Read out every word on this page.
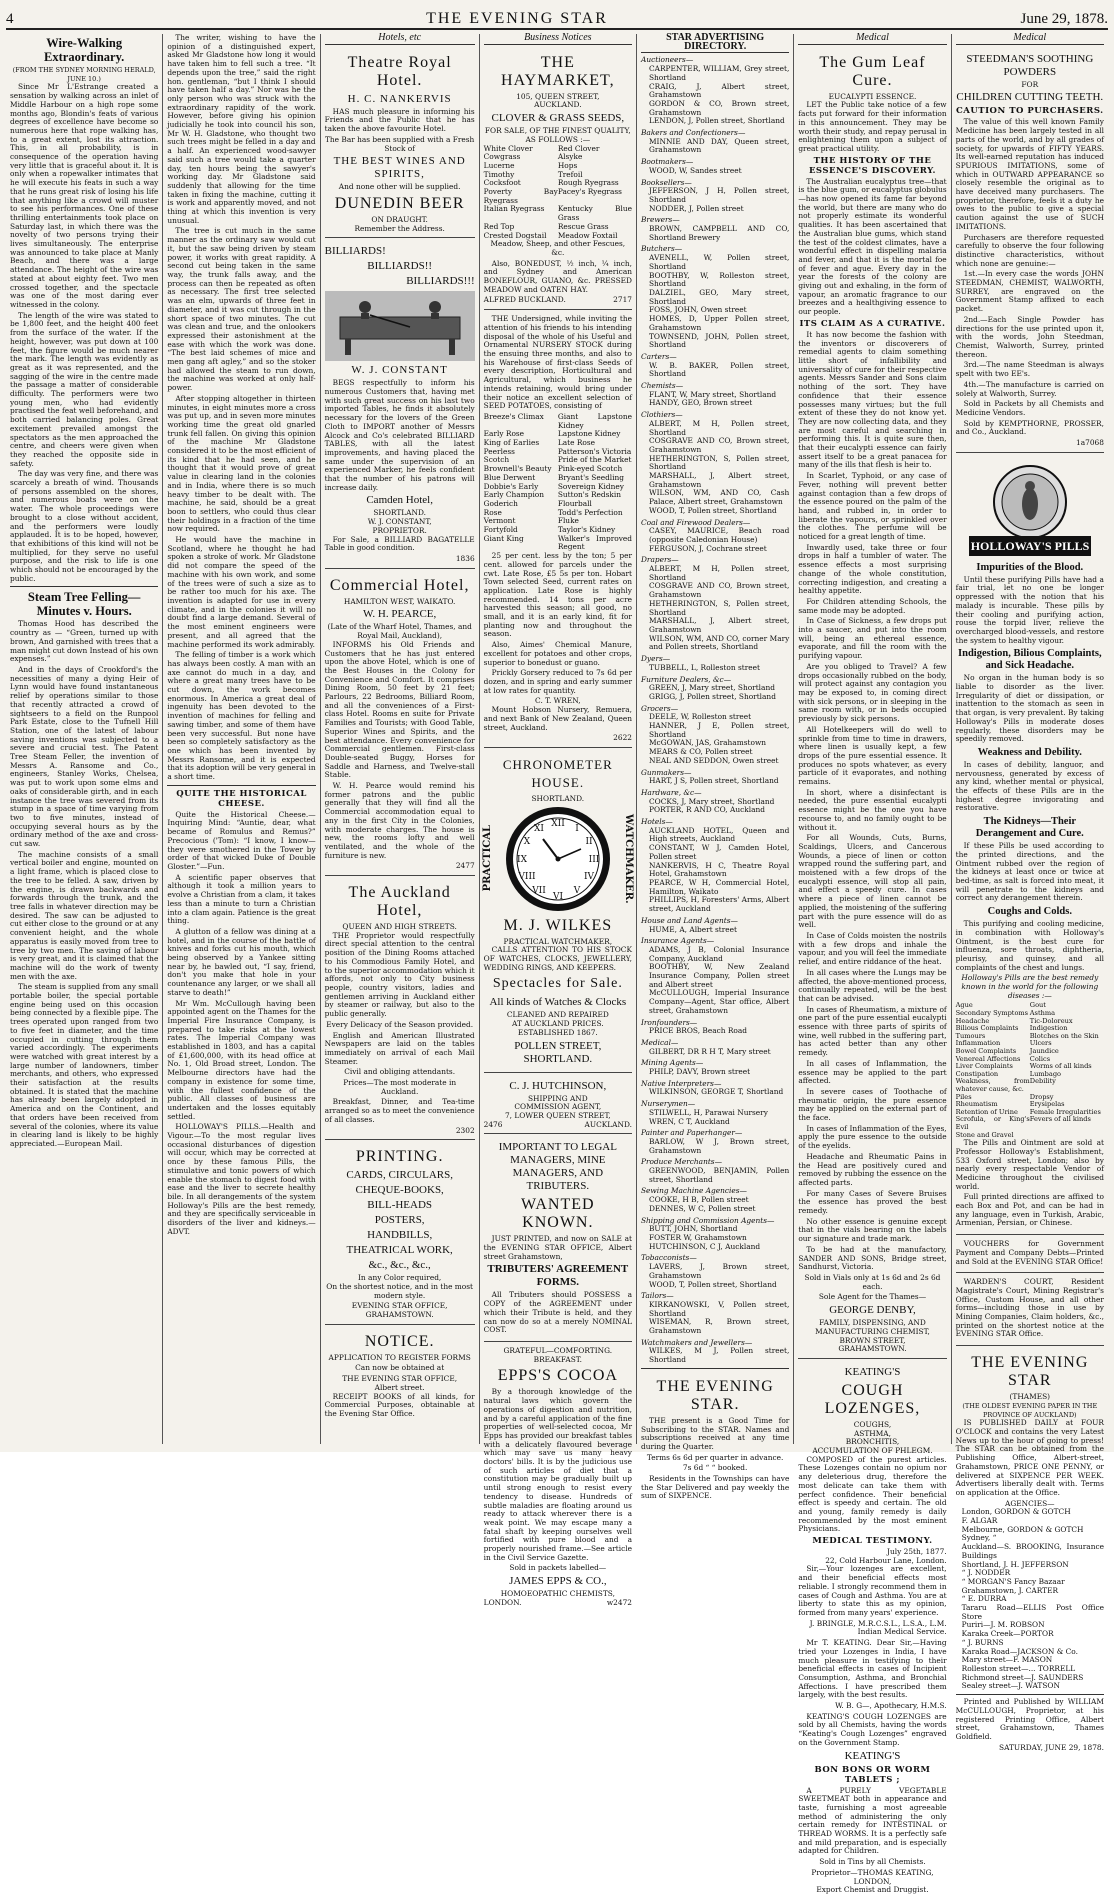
4	THE EVENING STAR	June 29, 1878.
Wire-Walking Extraordinary.
(FROM THE SYDNEY MORNING HERALD, JUNE 10.)

Since Mr L'Estrange created a sensation by walking across an inlet of Middle Harbour on a high rope some months ago, Blondin's feats of various degrees of excellence have become so numerous here that rope walking has, to a great extent, lost its attraction. This, in all probability, is in consequence of the operation having very little that is graceful about it. It is only when a ropewalker intimates that he will execute his feats in such a way that he runs great risk of losing his life that anything like a crowd will muster to see his performances. One of these thrilling entertainments took place on Saturday last, in which there was the novelty of two persons trying their lives simultaneously. The enterprise was announced to take place at Manly Beach, and there was a large attendance. The height of the wire was stated at about eighty feet. Two men crossed together, and the spectacle was one of the most daring ever witnessed in the colony.

The length of the wire was stated to be 1,800 feet, and the height 400 feet from the surface of the water. If the height, however, was put down at 100 feet, the figure would be much nearer the mark. The length was evidently as great as it was represented, and the sagging of the wire in the centre made the passage a matter of considerable difficulty. The performers were two young men, who had evidently practised the feat well beforehand, and both carried balancing poles. Great excitement prevailed amongst the spectators as the men approached the centre, and cheers were given when they reached the opposite side in safety.

The day was very fine, and there was scarcely a breath of wind. Thousands of persons assembled on the shores, and numerous boats were on the water. The whole proceedings were brought to a close without accident, and the performers were loudly applauded. It is to be hoped, however, that exhibitions of this kind will not be multiplied, for they serve no useful purpose, and the risk to life is one which should not be encouraged by the public.

Steam Tree Felling—Minutes v. Hours.

Thomas Hood has described the country as — “Green, turned up with brown, And garnished with trees that a man might cut down Instead of his own expenses.”

And in the days of Crookford's the necessities of many a dying Heir of Lynn would have found instantaneous relief by operations similar to those that recently attracted a crowd of sightseers to a field on the Runpool Park Estate, close to the Tufnell Hill Station, one of the latest of labour saving inventions was subjected to a severe and crucial test. The Patent Tree Steam Feller, the invention of Messrs A. Ransome and Co., engineers, Stanley Works, Chelsea, was put to work upon some elms and oaks of considerable girth, and in each instance the tree was severed from its stump in a space of time varying from two to five minutes, instead of occupying several hours as by the ordinary method of the axe and cross-cut saw.

The machine consists of a small vertical boiler and engine, mounted on a light frame, which is placed close to the tree to be felled. A saw, driven by the engine, is drawn backwards and forwards through the trunk, and the tree falls in whatever direction may be desired. The saw can be adjusted to cut either close to the ground or at any convenient height, and the whole apparatus is easily moved from tree to tree by two men. The saving of labour is very great, and it is claimed that the machine will do the work of twenty men with the axe.

The steam is supplied from any small portable boiler, the special portable engine being used on this occasion being connected by a flexible pipe. The trees operated upon ranged from two to five feet in diameter, and the time occupied in cutting through them varied accordingly. The experiments were watched with great interest by a large number of landowners, timber merchants, and others, who expressed their satisfaction at the results obtained. It is stated that the machine has already been largely adopted in America and on the Continent, and that orders have been received from several of the colonies, where its value in clearing land is likely to be highly appreciated.—European Mail.

The writer, wishing to have the opinion of a distinguished expert, asked Mr Gladstone how long it would have taken him to fell such a tree. “It depends upon the tree,” said the right hon. gentleman, “but I think I should have taken half a day.” Nor was he the only person who was struck with the extraordinary rapidity of the work. However, before giving his opinion judicially he took into council his son, Mr W. H. Gladstone, who thought two such trees might be felled in a day and a half. An experienced wood-sawyer said such a tree would take a quarter day, ten hours being the sawyer's working day. Mr Gladstone said suddenly that allowing for the time taken in fixing the machine, cutting it is work and apparently moved, and not thing at which this invention is very unusual.

The tree is cut much in the same manner as the ordinary saw would cut it, but the saw being driven by steam power, it works with great rapidity. A second cut being taken in the same way, the trunk falls away, and the process can then be repeated as often as necessary. The first tree selected was an elm, upwards of three feet in diameter, and it was cut through in the short space of two minutes. The cut was clean and true, and the onlookers expressed their astonishment at the ease with which the work was done. “The best laid schemes of mice and men gang aft agley,” and so the stoker had allowed the steam to run down, the machine was worked at only half-power.

After stopping altogether in thirteen minutes, in eight minutes more a cross was put up, and in seven more minutes working time the great old gnarled trunk fell fallen. On giving this opinion of the machine Mr Gladstone considered it to be the most efficient of its kind that he had seen, and he thought that it would prove of great value in clearing land in the colonies and in India, where there is so much heavy timber to be dealt with. The machine, he said, should be a great boon to settlers, who could thus clear their holdings in a fraction of the time now required.

He would have the machine in Scotland, where he thought he had spoken a stroke of work. Mr Gladstone did not compare the speed of the machine with his own work, and some of the trees were of such a size as to be rather too much for his axe. The invention is adapted for use in every climate, and in the colonies it will no doubt find a large demand. Several of the most eminent engineers were present, and all agreed that the machine performed its work admirably.

The felling of timber is a work which has always been costly. A man with an axe cannot do much in a day, and where a great many trees have to be cut down, the work becomes enormous. In America a great deal of ingenuity has been devoted to the invention of machines for felling and sawing timber, and some of them have been very successful. But none have been so completely satisfactory as the one which has been invented by Messrs Ransome, and it is expected that its adoption will be very general in a short time.

QUITE THE HISTORICAL CHEESE.

Quite the Historical Cheese.—Inquiring Mind: “Auntie, dear, what became of Romulus and Remus?” Precocious ('Tom): “I know, I know—they were smothered in the Tower by order of that wicked Duke of Double Gloster.”—Fun.

A scientific paper observes that although it took a million years to evolve a Christian from a clam, it takes less than a minute to turn a Christian into a clam again. Patience is the great thing.

A glutton of a fellow was dining at a hotel, and in the course of the battle of knives and forks cut his mouth, which being observed by a Yankee sitting near by, he bawled out, “I say, friend, don't you make that hole in your countenance any larger, or we shall all starve to death!”

Mr Wm. McCullough having been appointed agent on the Thames for the Imperial Fire Insurance Company, is prepared to take risks at the lowest rates. The Imperial Company was established in 1803, and has a capital of £1,600,000, with its head office at No. 1, Old Broad street, London. The Melbourne directors have had the company in existence for some time, with the fullest confidence of the public. All classes of business are undertaken and the losses equitably settled.

HOLLOWAY'S PILLS.—Health and Vigour.—To the most regular lives occasional disturbances of digestion will occur, which may be corrected at once by these famous Pills, the stimulative and tonic powers of which enable the stomach to digest food with ease and the liver to secrete healthy bile. In all derangements of the system Holloway's Pills are the best remedy, and they are specifically serviceable in disorders of the liver and kidneys.—ADVT.

Hotels, etc
Theatre Royal Hotel.
H. C. NANKERVIS

HAS much pleasure in informing his Friends and the Public that he has taken the above favourite Hotel.

The Bar has been supplied with a Fresh Stock of

THE BEST WINES AND SPIRITS,

And none other will be supplied.

DUNEDIN BEER
ON DRAUGHT.
Remember the Address.
BILLIARDS!
BILLIARDS!!
BILLIARDS!!!
W. J. CONSTANT

BEGS respectfully to inform his numerous Customers that, having met with such great success on his last two imported Tables, he finds it absolutely necessary for the lovers of the Green Cloth to IMPORT another of Messrs Alcock and Co's celebrated BILLIARD TABLES, with all the latest improvements, and having placed the same under the supervision of an experienced Marker, he feels confident that the number of his patrons will increase daily.

Camden Hotel,
SHORTLAND.
W. J. CONSTANT,
PROPRIETOR.

For Sale, a BILLIARD BAGATELLE Table in good condition.

1836
Commercial Hotel,
HAMILTON WEST, WAIKATO.
W. H. PEARCE,
(Late of the Wharf Hotel, Thames, and Royal Mail, Auckland),

INFORMS his Old Friends and Customers that he has just entered upon the above Hotel, which is one of the Best Houses in the Colony for Convenience and Comfort. It comprises Dining Room, 50 feet by 21 feet; Parlours, 22 Bedrooms, Billiard Room, and all the conveniences of a First-class Hotel. Rooms en suite for Private Families and Tourists; with Good Table, Superior Wines and Spirits, and the best attendance. Every convenience for Commercial gentlemen. First-class Double-seated Buggy, Horses for Saddle and Harness, and Twelve-stall Stable.

W. H. Pearce would remind his former patrons and the public generally that they will find all the Commercial accommodation equal to any in the first City in the Colonies, with moderate charges. The house is new, the rooms lofty and well ventilated, and the whole of the furniture is new.

2477
The Auckland Hotel,
QUEEN AND HIGH STREETS.

THE Proprietor would respectfully direct special attention to the central position of the Dining Rooms attached to his Commodious Family Hotel, and to the superior accommodation which it affords, not only to City business people, country visitors, ladies and gentlemen arriving in Auckland either by steamer or railway, but also to the public generally.

Every Delicacy of the Season provided.

English and American Illustrated Newspapers are laid on the tables immediately on arrival of each Mail Steamer.

Civil and obliging attendants.

Prices—The most moderate in Auckland.

Breakfast, Dinner, and Tea-time arranged so as to meet the convenience of all classes.

2302
PRINTING.
CARDS, CIRCULARS,
CHEQUE-BOOKS,
BILL-HEADS
POSTERS,
HANDBILLS,
THEATRICAL WORK,
&c., &c., &c.,
In any Color required,

On the shortest notice, and in the most modern style.

EVENING STAR OFFICE,
GRAHAMSTOWN.
NOTICE.

APPLICATION TO REGISTER FORMS

Can now be obtained at

THE EVENING STAR OFFICE,
Albert street.

RECEIPT BOOKS of all kinds, for Commercial Purposes, obtainable at the Evening Star Office.

Business Notices
THE HAYMARKET,
105, QUEEN STREET,
AUCKLAND.
CLOVER & GRASS SEEDS,
FOR SALE, OF THE FINEST QUALITY,
AS FOLLOWS :—
White Clover	Red Clover
Cowgrass	Alsyke
Lucerne	Hops
Timothy	Trefoil
Cocksfoot	Rough Ryegrass
Poverty Bay Ryegrass
Pacey's Ryegrass
Italian Ryegrass	Kentucky Blue Grass
Red Top	Rescue Grass
Crested Dogstail	Meadow Foxtail

Meadow, Sheep, and other Fescues, &c.

Also, BONEDUST, ½ inch, ¼ inch, and Sydney and American BONEFLOUR, GUANO, &c. PRESSED MEADOW and OATEN HAY.

ALFRED BUCKLAND.	2717

THE Undersigned, while inviting the attention of his friends to his intending disposal of the whole of his Useful and Ornamental NURSERY STOCK during the ensuing three months, and also to his Warehouse of first-class Seeds of every description, Horticultural and Agricultural, which business he intends retaining, would bring under their notice an excellent selection of SEED POTATOES, consisting of

Breeze's Climax	Giant Lapstone Kidney
Early Rose	Lapstone Kidney
King of Earlies	Late Rose
Peerless	Patterson's Victoria
Scotch	Pride of the Market
Brownell's Beauty Pink-eyed Scotch
Blue Derwent	Bryant's Seedling
Dobbie's Early	Sovereign Kidney
Early Champion	Sutton's Redskin
Goderich	Flourball
Rose	Todd's Perfection
Vermont	Fluke
Fortyfold	Taylor's Kidney
Giant King	Walker's Improved Regent

25 per cent. less by the ton; 5 per cent. allowed for parcels under the cwt. Late Rose, £5 5s per ton. Hobart Town selected Seed, current rates on application. Late Rose is highly recommended. 14 tons per acre harvested this season; all good, no small, and it is an early kind, fit for planting now and throughout the season.

Also, Aimes' Chemical Manure, excellent for potatoes and other crops, superior to bonedust or guano.

Prickly Gorsery reduced to 7s 6d per dozen, and in spring and early summer at low rates for quantity.

C. T. WREN,

Mount Hobson Nursery, Remuera, and next Bank of New Zealand, Queen street, Auckland.

2622
CHRONOMETER HOUSE.
SHORTLAND.
PRACTICAL
XII I
II
III
IV
V
VI
VII
VIII
IX
X
XI	WATCHMAKER.
M. J. WILKES
PRACTICAL WATCHMAKER,

CALLS ATTENTION TO HIS STOCK OF WATCHES, CLOCKS, JEWELLERY, WEDDING RINGS, AND KEEPERS.

Spectacles for Sale.
All kinds of Watches & Clocks
CLEANED AND REPAIRED
AT AUCKLAND PRICES.
ESTABLISHED 1867.
POLLEN STREET, SHORTLAND.
C. J. HUTCHINSON,
SHIPPING AND
COMMISSION AGENT,
7, LOWER QUEEN STREET,
2476	AUCKLAND.
IMPORTANT TO LEGAL MANAGERS, MINE MANAGERS, AND TRIBUTERS.
WANTED KNOWN.

JUST PRINTED, and now on SALE at the EVENING STAR OFFICE, Albert street Grahamstown,

TRIBUTERS' AGREEMENT FORMS.

All Tributers should POSSESS a COPY of the AGREEMENT under which their Tribute is held, and they can now do so at a merely NOMINAL COST.

GRATEFUL—COMFORTING.
BREAKFAST.
EPPS'S COCOA

By a thorough knowledge of the natural laws which govern the operations of digestion and nutrition, and by a careful application of the fine properties of well-selected cocoa, Mr Epps has provided our breakfast tables with a delicately flavoured beverage which may save us many heavy doctors' bills. It is by the judicious use of such articles of diet that a constitution may be gradually built up until strong enough to resist every tendency to disease. Hundreds of subtle maladies are floating around us ready to attack wherever there is a weak point. We may escape many a fatal shaft by keeping ourselves well fortified with pure blood and a properly nourished frame.—See article in the Civil Service Gazette.

Sold in packets labelled—
JAMES EPPS & CO.,
HOMOEOPATHIC CHEMISTS,
LONDON.	w2472
STAR ADVERTISING DIRECTORY.
Auctioneers—
CARPENTER, WILLIAM, Grey street, Shortland
CRAIG, J, Albert street, Grahamstown
GORDON & CO, Brown street, Grahamstown
LENDON, J, Pollen street, Shortland
Bakers and Confectioners—
MINNIE AND DAY, Queen street, Grahamstown
Bootmakers—
WOOD, W, Sandes street
Booksellers—
JEFFERSON, J H, Pollen street, Shortland
NODDER, J, Pollen street
Brewers—
BROWN, CAMPBELL AND CO, Shortland Brewery
Butchers—
AVENELL, W, Pollen street, Shortland
BOOTHBY, W, Rolleston street, Shortland
DALZIEL, GEO, Mary street, Shortland
FOSS, JOHN, Owen street
HOMES, D, Upper Pollen street, Grahamstown
TOWNSEND, JOHN, Pollen street, Shortland
Carters—
W. B. BAKER, Pollen street, Shortland
Chemists—
FLANT, W, Mary street, Shortland
HANDY, GEO, Brown street
Clothiers—
ALBERT, M H, Pollen street, Shortland
COSGRAVE AND CO, Brown street, Grahamstown
HETHERINGTON, S, Pollen street, Shortland
MARSHALL, J, Albert street, Grahamstown
WILSON, WM, AND CO, Cash Palace, Albert street, Grahamstown
WOOD, T, Pollen street, Shortland
Coal and Firewood Dealers—
CASEY, MAURICE, Beach road (opposite Caledonian House)
FERGUSON, J, Cochrane street
Drapers—
ALBERT, M H, Pollen street, Shortland
COSGRAVE AND CO, Brown street, Grahamstown
HETHERINGTON, S, Pollen street, Shortland
MARSHALL, J, Albert street, Grahamstown
WILSON, WM, AND CO, corner Mary and Pollen streets, Shortland
Dyers—
TUBBELL, L, Rolleston street
Furniture Dealers, &c—
GREEN, J, Mary street, Shortland
GRIGG, J, Pollen street, Shortland
Grocers—
DEELE, W, Rolleston street
HANNER, J E, Pollen street, Shortland
McGOWAN, JAS, Grahamstown
MEARS & CO, Pollen street
NEAL AND SEDDON, Owen street
Gunmakers—
HART, J S, Pollen street, Shortland
Hardware, &c—
COCKS, J, Mary street, Shortland
PORTER, R AND CO, Auckland
Hotels—
AUCKLAND HOTEL, Queen and High streets, Auckland
CONSTANT, W J, Camden Hotel, Pollen street
NANKERVIS, H C, Theatre Royal Hotel, Grahamstown
PEARCE, W H, Commercial Hotel, Hamilton, Waikato
PHILLIPS, H, Foresters' Arms, Albert street, Auckland
House and Land Agents—
HUME, A, Albert street
Insurance Agents—
ADAMS, J B, Colonial Insurance Company, Auckland
BOOTHBY, W, New Zealand Insurance Company, Pollen street and Albert street
McCULLOUGH, Imperial Insurance Company—Agent, Star office, Albert street, Grahamstown
Ironfounders—
PRICE BROS, Beach Road
Medical—
GILBERT, DR R H T, Mary street
Mining Agents—
PHILP, DAVY, Brown street
Native Interpreters—
WILKINSON, GEORGE T, Shortland
Nurserymen—
STILWELL, H, Parawai Nursery
WREN, C T, Auckland
Painter and Paperhanger—
BARLOW, W J, Brown street, Grahamstown
Produce Merchants—
GREENWOOD, BENJAMIN, Pollen street, Shortland
Sewing Machine Agencies—
COOKE, H B, Pollen street
DENNES, W C, Pollen street
Shipping and Commission Agents—
BUTT, JOHN, Shortland
FOSTER W, Grahamstown
HUTCHINSON, C J, Auckland
Tobacconists—
LAVERS, J, Brown street, Grahamstown
WOOD, T, Pollen street, Shortland
Tailors—
KIRKANOWSKI, V, Pollen street, Shortland
WISEMAN, R, Brown street, Grahamstown
Watchmakers and Jewellers—
WILKES, M J, Pollen street, Shortland
THE EVENING STAR.

THE present is a Good Time for Subscribing to the STAR. Names and subscriptions received at any time during the Quarter.

Terms 6s 6d per quarter in advance.

7s 6d “ “ booked.

Residents in the Townships can have the Star Delivered and pay weekly the sum of SIXPENCE.

Medical
The Gum Leaf Cure.
EUCALYPTI ESSENCE.

LET the Public take notice of a few facts put forward for their information in this announcement. They may be worth their study, and repay perusal in enlightening them upon a subject of great practical utility.

THE HISTORY OF THE ESSENCE'S DISCOVERY.

The Australian eucalyptus tree—that is the blue gum, or eucalyptus globulus—has now opened its fame far beyond the world, but there are many who do not properly estimate its wonderful qualities. It has been ascertained that the Australian blue gums, which stand the test of the coldest climates, have a wonderful effect in dispelling malaria and fever, and that it is the mortal foe of fever and ague. Every day in the year the forests of the colony are giving out and exhaling, in the form of vapour, an aromatic fragrance to our breezes and a healthgiving essence to our people.

ITS CLAIM AS A CURATIVE.

It has now become the fashion with the inventors or discoverers of remedial agents to claim something little short of infallibility and universality of cure for their respective agents. Messrs Sander and Sons claim nothing of the sort. They have confidence that their essence possesses many virtues; but the full extent of these they do not know yet. They are now collecting data, and they are most careful and searching in performing this. It is quite sure then, that their eucalypti essence can fairly assert itself to be a great panacea for many of the ills that flesh is heir to.

In Scarlet, Typhoid, or any case of Fever, nothing will prevent better against contagion than a few drops of the essence poured on the palm of the hand, and rubbed in, in order to liberate the vapours, or sprinkled over the clothes. The perfume will be noticed for a great length of time.

Inwardly used, take three or four drops in half a tumbler of water. The essence effects a most surprising change of the whole constitution, correcting indigestion, and creating a healthy appetite.

For Children attending Schools, the same mode may be adopted.

In Case of Sickness, a few drops put into a saucer, and put into the room will, being an ethereal essence, evaporate, and fill the room with the purifying vapour.

Are you obliged to Travel? A few drops occasionally rubbed on the body, will protect against any contagion you may be exposed to, in coming direct with sick persons, or in sleeping in the same room with, or in beds occupied previously by sick persons.

All Hotelkeepers will do well to sprinkle from time to time in drawers, where linen is usually kept, a few drops of the pure essential essence. It produces no spots whatever, as every particle of it evaporates, and nothing remains.

In short, where a disinfectant is needed, the pure essential eucalypti essence might be the one you have recourse to, and no family ought to be without it.

For all Wounds, Cuts, Burns, Scaldings, Ulcers, and Cancerous Wounds, a piece of linen or cotton wrapped round the suffering part, and moistened with a few drops of the eucalypti essence, will stop all pain, and effect a speedy cure. In cases where a piece of linen cannot be applied, the moistening of the suffering part with the pure essence will do as well.

In Case of Colds moisten the nostrils with a few drops and inhale the vapour, and you will feel the immediate relief, and entire riddance of the heat.

In all cases where the Lungs may be affected, the above-mentioned process, continually repeated, will be the best that can be advised.

In cases of Rheumatism, a mixture of one part of the pure essential eucalypti essence with three parts of spirits of wine, well rubbed in the suffering part, has acted better than any other remedy.

In all cases of Inflammation, the essence may be applied to the part affected.

In severe cases of Toothache of rheumatic origin, the pure essence may be applied on the external part of the face.

In cases of Inflammation of the Eyes, apply the pure essence to the outside of the eyelids.

Headache and Rheumatic Pains in the Head are positively cured and removed by rubbing the essence on the affected parts.

For many Cases of Severe Bruises the essence has proved the best remedy.

No other essence is genuine except that in the vials bearing on the labels our signature and trade mark.

To be had at the manufactory, SANDER AND SONS, Bridge street, Sandhurst, Victoria.

Sold in Vials only at 1s 6d and 2s 6d each.

Sole Agent for the Thames—
GEORGE DENBY,
FAMILY, DISPENSING, AND MANUFACTURING CHEMIST,
BROWN STREET,
GRAHAMSTOWN.
KEATING'S
COUGH LOZENGES,
COUGHS,
ASTHMA,
BRONCHITIS,
ACCUMULATION OF PHLEGM.

COMPOSED of the purest articles. These Lozenges contain no opium nor any deleterious drug, therefore the most delicate can take them with perfect confidence. Their beneficial effect is speedy and certain. The old and young, family remedy is daily recommended by the most eminent Physicians.

MEDICAL TESTIMONY.
July 25th, 1877.
22, Cold Harbour Lane, London.

Sir,—Your lozenges are excellent, and their beneficial effects most reliable. I strongly recommend them in cases of Cough and Asthma. You are at liberty to state this as my opinion, formed from many years' experience.

J. BRINGLE, M.R.C.S.L., L.S.A., L.M. Indian Medical Service.

Mr T. KEATING. Dear Sir,—Having tried your Lozenges in India, I have much pleasure in testifying to their beneficial effects in cases of Incipient Consumption, Asthma, and Bronchial Affections. I have prescribed them largely, with the best results.

W. B. G—, Apothecary, H.M.S.

KEATING'S COUGH LOZENGES are sold by all Chemists, having the words “Keating's Cough Lozenges” engraved on the Government Stamp.

KEATING'S
BON BONS OR WORM TABLETS ;

A PURELY VEGETABLE SWEETMEAT both in appearance and taste, furnishing a most agreeable method of administering the only certain remedy for INTESTINAL or THREAD WORMS. It is a perfectly safe and mild preparation, and is especially adapted for Children.

Sold in Tins by all Chemists.

Proprietor—THOMAS KEATING, LONDON,
Export Chemist and Druggist.
Medical
STEEDMAN'S SOOTHING POWDERS
FOR
CHILDREN CUTTING TEETH.
CAUTION TO PURCHASERS.

The value of this well known Family Medicine has been largely tested in all parts of the world, and by all grades of society, for upwards of FIFTY YEARS. Its well-earned reputation has induced SPURIOUS IMITATIONS, some of which in OUTWARD APPEARANCE so closely resemble the original as to have deceived many purchasers. The proprietor, therefore, feels it a duty he owes to the public to give a special caution against the use of SUCH IMITATIONS.

Purchasers are therefore requested carefully to observe the four following distinctive characteristics, without which none are genuine:—

1st.—In every case the words JOHN STEEDMAN, CHEMIST, WALWORTH, SURREY, are engraved on the Government Stamp affixed to each packet.

2nd.—Each Single Powder has directions for the use printed upon it, with the words, John Steedman, Chemist, Walworth, Surrey, printed thereon.

3rd.—The name Steedman is always spelt with two EE's.

4th.—The manufacture is carried on solely at Walworth, Surrey.

Sold in Packets by all Chemists and Medicine Vendors.

Sold by KEMPTHORNE, PROSSER, and Co., Auckland.

1a7068
HOLLOWAY'S PILLS
Impurities of the Blood.

Until these purifying Pills have had a fair trial, let no one be longer oppressed with the notion that his malady is incurable. These pills by their cooling and purifying action, rouse the torpid liver, relieve the overcharged blood-vessels, and restore the system to healthy vigour.

Indigestion, Bilious Complaints, and Sick Headache.

No organ in the human body is so liable to disorder as the liver. Irregularity of diet or dissipation, or inattention to the stomach as seen in that organ, is very prevalent. By taking Holloway's Pills in moderate doses regularly, these disorders may be speedily removed.

Weakness and Debility.

In cases of debility, languor, and nervousness, generated by excess of any kind, whether mental or physical, the effects of these Pills are in the highest degree invigorating and restorative.

The Kidneys—Their Derangement and Cure.

If these Pills be used according to the printed directions, and the Ointment rubbed over the region of the kidneys at least once or twice at bed-time, as salt is forced into meat, it will penetrate to the kidneys and correct any derangement therein.

Coughs and Colds.

This purifying and cooling medicine, in combination with Holloway's Ointment, is the best cure for influenza, sore throats, diphtheria, pleurisy, and quinsey, and all complaints of the chest and lungs.

Holloway's Pills are the best remedy known in the world for the following diseases :—

Ague	Gout
Secondary Symptoms Asthma
Headache	Tic-Doloreux
Bilious Complaints	Indigestion
Tumours	Blotches on the Skin
Inflammation	Ulcers
Bowel Complaints	Jaundice
Venereal Affections	Colics
Liver Complaints	Worms of all kinds
Constipation	Lumbago
Weakness, from whatever cause, &c.
Debility
Piles	Dropsy
Rheumatism	Erysipelas
Retention of Urine	Female Irregularities
Scrofula, or King's Evil
Fevers of all kinds
Stone and Gravel

The Pills and Ointment are sold at Professor Holloway's Establishment, 533 Oxford street, London; also by nearly every respectable Vendor of Medicine throughout the civilised world.

Full printed directions are affixed to each Box and Pot, and can be had in any language, even in Turkish, Arabic, Armenian, Persian, or Chinese.

VOUCHERS for Government Payment and Company Debts—Printed and Sold at the EVENING STAR Office!

WARDEN'S COURT, Resident Magistrate's Court, Mining Registrar's Office, Custom House, and all other forms—including those in use by Mining Companies, Claim holders, &c., printed on the shortest notice at the EVENING STAR Office.

THE EVENING STAR
(THAMES)
(THE OLDEST EVENING PAPER IN THE PROVINCE OF AUCKLAND)

IS PUBLISHED DAILY at FOUR O'CLOCK and contains the very Latest News up to the hour of going to press! The STAR can be obtained from the Publishing Office, Albert-street, Grahamstown, PRICE ONE PENNY, or delivered at SIXPENCE PER WEEK. Advertisers liberally dealt with. Terms on application at the Office.

AGENCIES—
London, GORDON & GOTCH
F. ALGAR
Melbourne, GORDON & GOTCH
Sydney, “
Auckland—S. BROOKING, Insurance Buildings
Shortland, J. H. JEFFERSON
“ J. NODDER
“ MORGAN'S Fancy Bazaar
Grahamstown, J. CARTER
“ E. DURRA
Tararu Road—ELLIS Post Office Store
Puriri—J. M. ROBSON
Karaka Creek—PORTOR
“ J. BURNS
Karaka Road—JACKSON & Co.
Mary street—F. MASON
Rolleston street—... TORRELL
Richmond street—J. SAUNDERS
Sealey street—J. WATSON

Printed and Published by WILLIAM McCULLOUGH, Proprietor, at his registered Printing Office, Albert street, Grahamstown, Thames Goldfield.

SATURDAY, JUNE 29, 1878.
